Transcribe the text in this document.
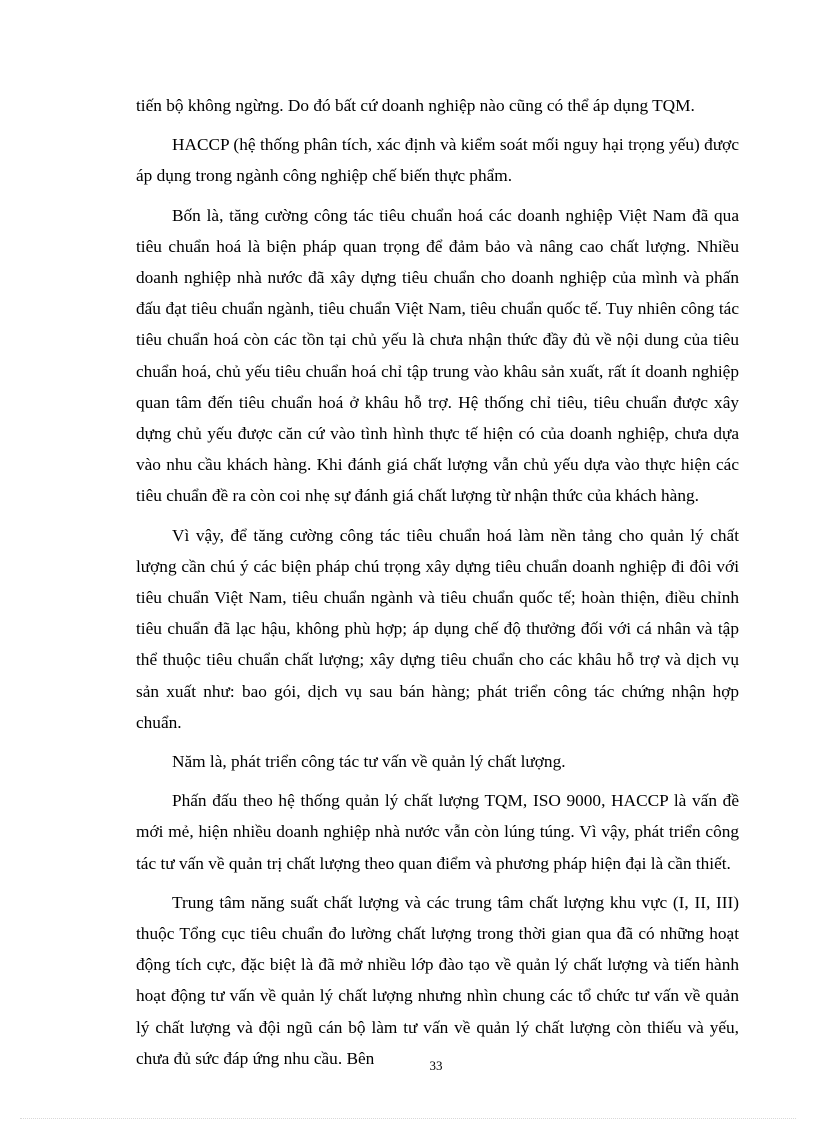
tiến bộ không ngừng. Do đó bất cứ doanh nghiệp nào cũng có thể áp dụng TQM.

HACCP (hệ thống phân tích, xác định và kiểm soát mối nguy hại trọng yếu) được áp dụng trong ngành công nghiệp chế biến thực phẩm.

Bốn là, tăng cường công tác tiêu chuẩn hoá các doanh nghiệp Việt Nam đã qua tiêu chuẩn hoá là biện pháp quan trọng để đảm bảo và nâng cao chất lượng. Nhiều doanh nghiệp nhà nước đã xây dựng tiêu chuẩn cho doanh nghiệp của mình và phấn đấu đạt tiêu chuẩn ngành, tiêu chuẩn Việt Nam, tiêu chuẩn quốc tế. Tuy nhiên công tác tiêu chuẩn hoá còn các tồn tại chủ yếu là chưa nhận thức đầy đủ về nội dung của tiêu chuẩn hoá, chủ yếu tiêu chuẩn hoá chỉ tập trung vào khâu sản xuất, rất ít doanh nghiệp quan tâm đến tiêu chuẩn hoá ở khâu hỗ trợ. Hệ thống chỉ tiêu, tiêu chuẩn được xây dựng chủ yếu được căn cứ vào tình hình thực tế hiện có của doanh nghiệp, chưa dựa vào nhu cầu khách hàng. Khi đánh giá chất lượng vẫn chủ yếu dựa vào thực hiện các tiêu chuẩn đề ra còn coi nhẹ sự đánh giá chất lượng từ nhận thức của khách hàng.

Vì vậy, để tăng cường công tác tiêu chuẩn hoá làm nền tảng cho quản lý chất lượng cần chú ý các biện pháp chú trọng xây dựng tiêu chuẩn doanh nghiệp đi đôi với tiêu chuẩn Việt Nam, tiêu chuẩn ngành và tiêu chuẩn quốc tế; hoàn thiện, điều chỉnh tiêu chuẩn đã lạc hậu, không phù hợp; áp dụng chế độ thưởng đối với cá nhân và tập thể thuộc tiêu chuẩn chất lượng; xây dựng tiêu chuẩn cho các khâu hỗ trợ và dịch vụ sản xuất như: bao gói, dịch vụ sau bán hàng; phát triển công tác chứng nhận hợp chuẩn.

Năm là, phát triển công tác tư vấn về quản lý chất lượng.

Phấn đấu theo hệ thống quản lý chất lượng TQM, ISO 9000, HACCP là vấn đề mới mẻ, hiện nhiều doanh nghiệp nhà nước vẫn còn lúng túng. Vì vậy, phát triển công tác tư vấn về quản trị chất lượng theo quan điểm và phương pháp hiện đại là cần thiết.

Trung tâm năng suất chất lượng và các trung tâm chất lượng khu vực (I, II, III) thuộc Tổng cục tiêu chuẩn đo lường chất lượng trong thời gian qua đã có những hoạt động tích cực, đặc biệt là đã mở nhiều lớp đào tạo về quản lý chất lượng và tiến hành hoạt động tư vấn về quản lý chất lượng nhưng nhìn chung các tổ chức tư vấn về quản lý chất lượng và đội ngũ cán bộ làm tư vấn về quản lý chất lượng còn thiếu và yếu, chưa đủ sức đáp ứng nhu cầu. Bên	33
